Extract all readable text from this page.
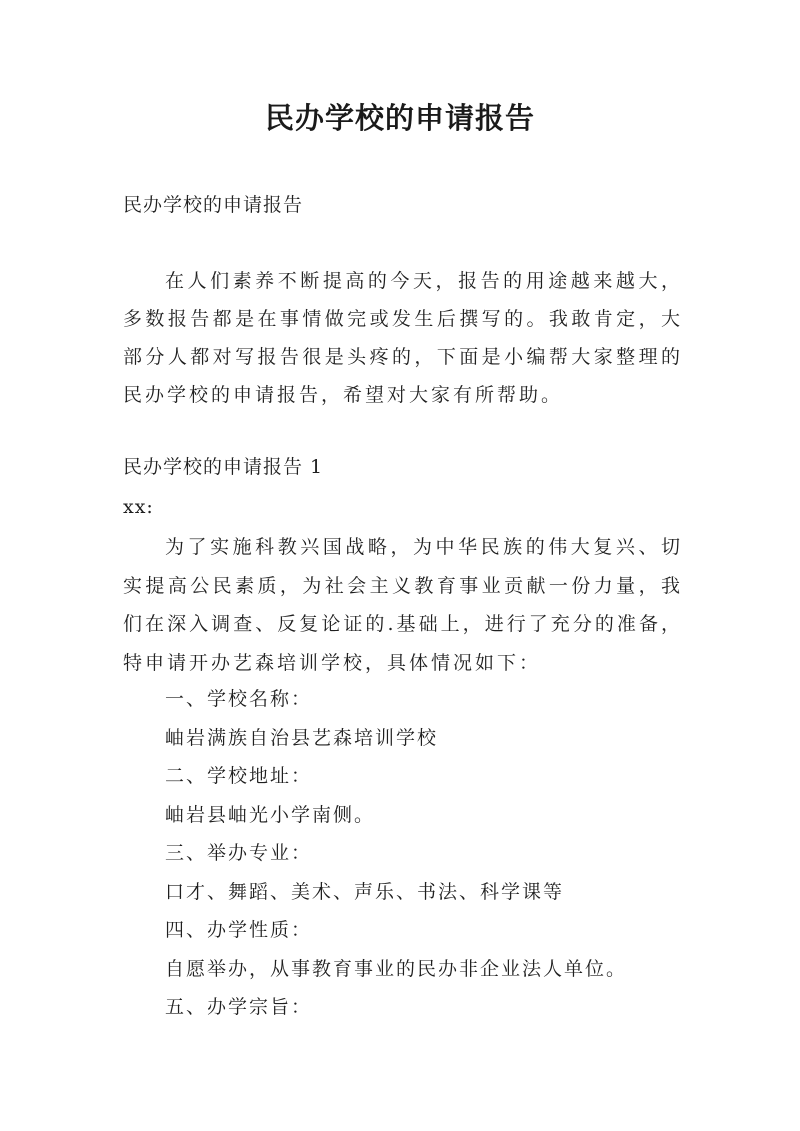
民办学校的申请报告
民办学校的申请报告

在人们素养不断提高的今天，报告的用途越来越大，多数报告都是在事情做完或发生后撰写的。我敢肯定，大部分人都对写报告很是头疼的，下面是小编帮大家整理的民办学校的申请报告，希望对大家有所帮助。

民办学校的申请报告 1
xx:

为了实施科教兴国战略，为中华民族的伟大复兴、切实提高公民素质，为社会主义教育事业贡献一份力量，我们在深入调查、反复论证的.基础上，进行了充分的准备，特申请开办艺森培训学校，具体情况如下：

一、学校名称：
岫岩满族自治县艺森培训学校
二、学校地址：
岫岩县岫光小学南侧。
三、举办专业：
口才、舞蹈、美术、声乐、书法、科学课等
四、办学性质：
自愿举办，从事教育事业的民办非企业法人单位。
五、办学宗旨：
